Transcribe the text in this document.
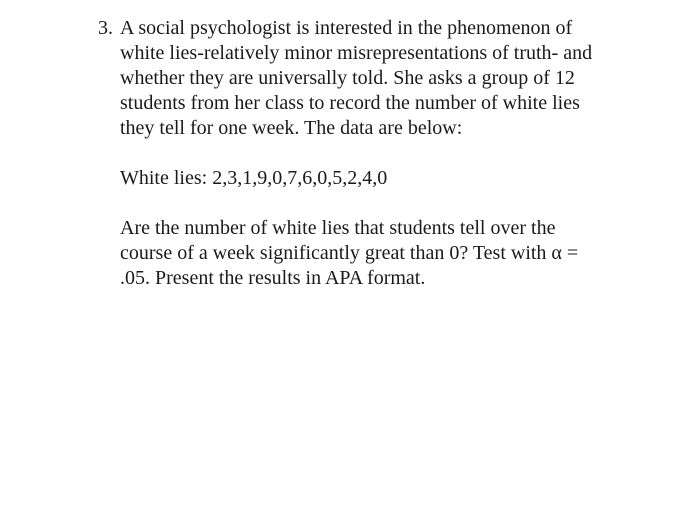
3. A social psychologist is interested in the phenomenon of
white lies-relatively minor misrepresentations of truth- and
whether they are universally told. She asks a group of 12
students from her class to record the number of white lies
they tell for one week. The data are below:
White lies: 2,3,1,9,0,7,6,0,5,2,4,0
Are the number of white lies that students tell over the
course of a week significantly great than 0? Test with α =
.05. Present the results in APA format.
